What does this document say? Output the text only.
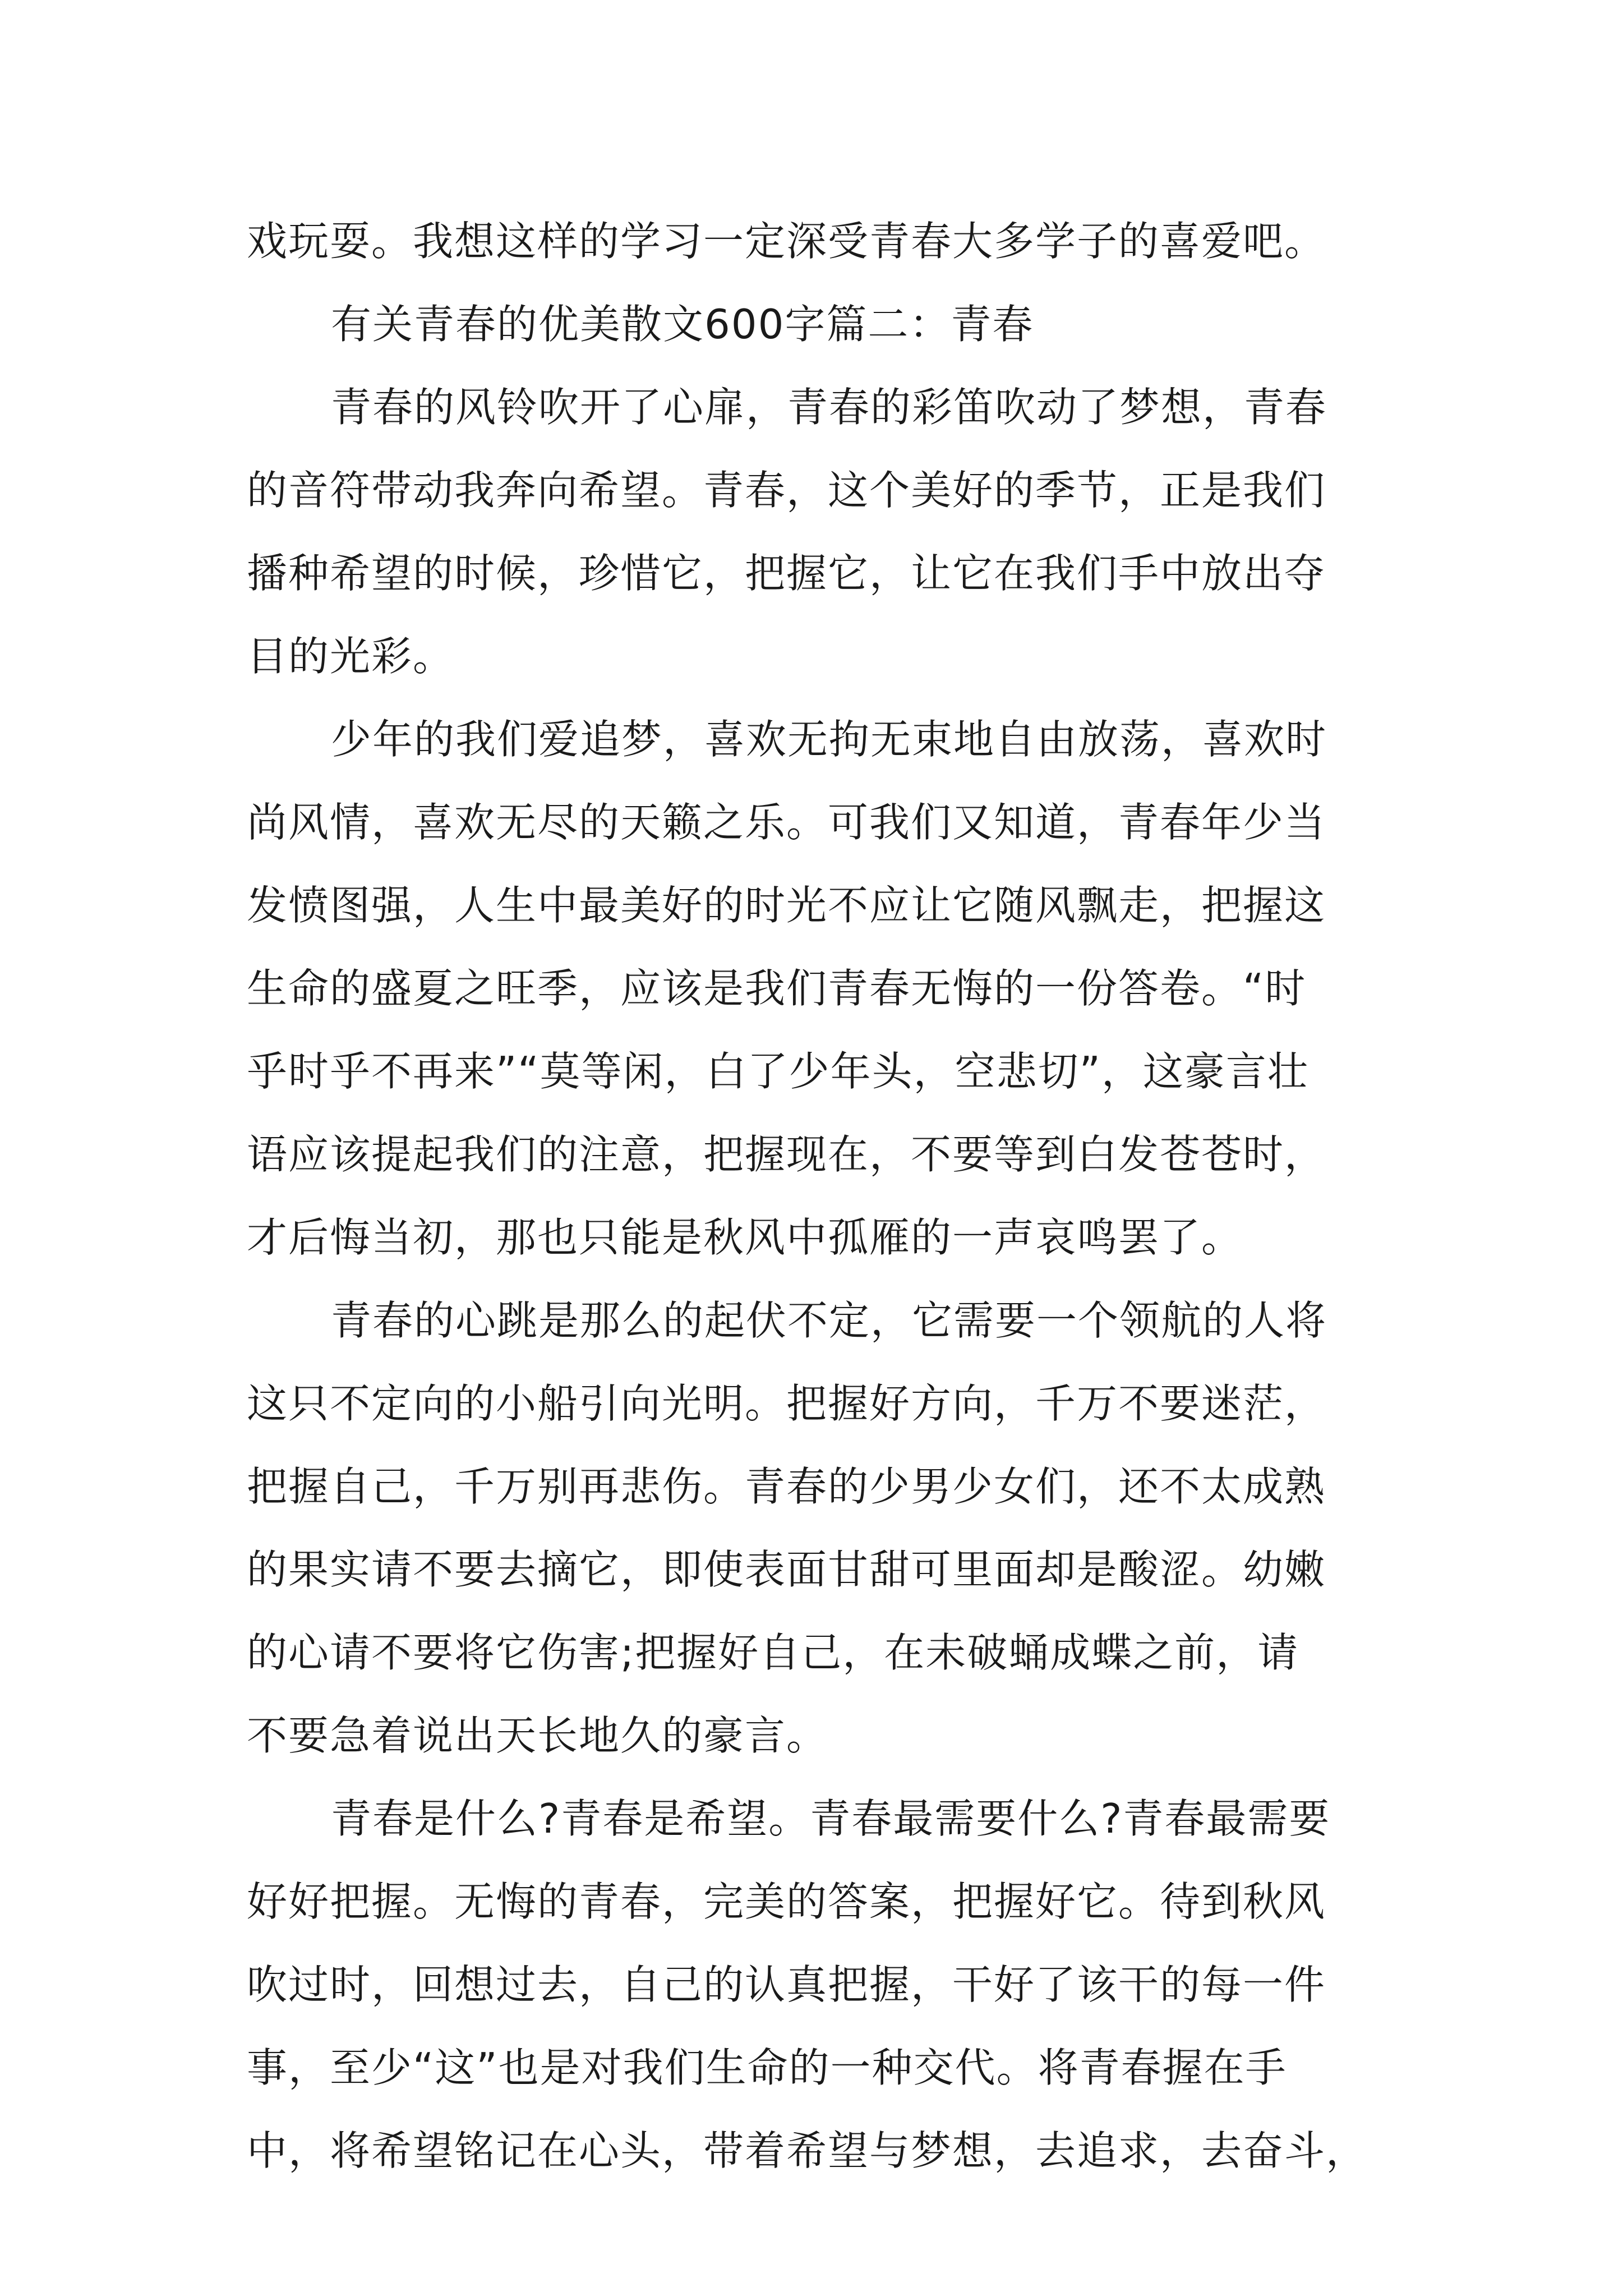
戏玩耍。我想这样的学习一定深受青春大多学子的喜爱吧。
有关青春的优美散文600字篇二：青春
青春的风铃吹开了心扉，青春的彩笛吹动了梦想，青春
的音符带动我奔向希望。青春，这个美好的季节，正是我们
播种希望的时候，珍惜它，把握它，让它在我们手中放出夺
目的光彩。
少年的我们爱追梦，喜欢无拘无束地自由放荡，喜欢时
尚风情，喜欢无尽的天籁之乐。可我们又知道，青春年少当
发愤图强，人生中最美好的时光不应让它随风飘走，把握这
生命的盛夏之旺季，应该是我们青春无悔的一份答卷。“时
乎时乎不再来”“莫等闲，白了少年头，空悲切”，这豪言壮
语应该提起我们的注意，把握现在，不要等到白发苍苍时，
才后悔当初，那也只能是秋风中孤雁的一声哀鸣罢了。
青春的心跳是那么的起伏不定，它需要一个领航的人将
这只不定向的小船引向光明。把握好方向，千万不要迷茫，
把握自己，千万别再悲伤。青春的少男少女们，还不太成熟
的果实请不要去摘它，即使表面甘甜可里面却是酸涩。幼嫩
的心请不要将它伤害;把握好自己，在未破蛹成蝶之前，请
不要急着说出天长地久的豪言。
青春是什么?青春是希望。青春最需要什么?青春最需要
好好把握。无悔的青春，完美的答案，把握好它。待到秋风
吹过时，回想过去，自己的认真把握，干好了该干的每一件
事，至少“这”也是对我们生命的一种交代。将青春握在手
中，将希望铭记在心头，带着希望与梦想，去追求，去奋斗，
